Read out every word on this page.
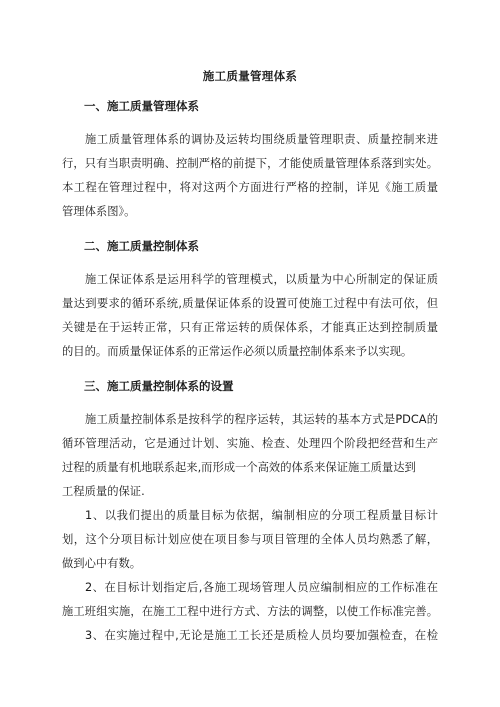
施工质量管理体系
一、施工质量管理体系

施工质量管理体系的调协及运转均围绕质量管理职责、质量控制来进
行，只有当职责明确、控制严格的前提下，才能使质量管理体系落到实处。
本工程在管理过程中，将对这两个方面进行严格的控制，详见《施工质量
管理体系图》。

二、施工质量控制体系

施工保证体系是运用科学的管理模式，以质量为中心所制定的保证质
量达到要求的循环系统,质量保证体系的设置可使施工过程中有法可依，但
关键是在于运转正常，只有正常运转的质保体系，才能真正达到控制质量
的目的。而质量保证体系的正常运作必须以质量控制体系来予以实现。

三、施工质量控制体系的设置

施工质量控制体系是按科学的程序运转，其运转的基本方式是PDCA的
循环管理活动，它是通过计划、实施、检查、处理四个阶段把经营和生产
过程的质量有机地联系起来,而形成一个高效的体系来保证施工质量达到
工程质量的保证.
1、以我们提出的质量目标为依据，编制相应的分项工程质量目标计
划，这个分项目标计划应使在项目参与项目管理的全体人员均熟悉了解，
做到心中有数。
2、在目标计划指定后,各施工现场管理人员应编制相应的工作标准在
施工班组实施，在施工工程中进行方式、方法的调整，以使工作标准完善。
3、在实施过程中,无论是施工工长还是质检人员均要加强检查，在检
